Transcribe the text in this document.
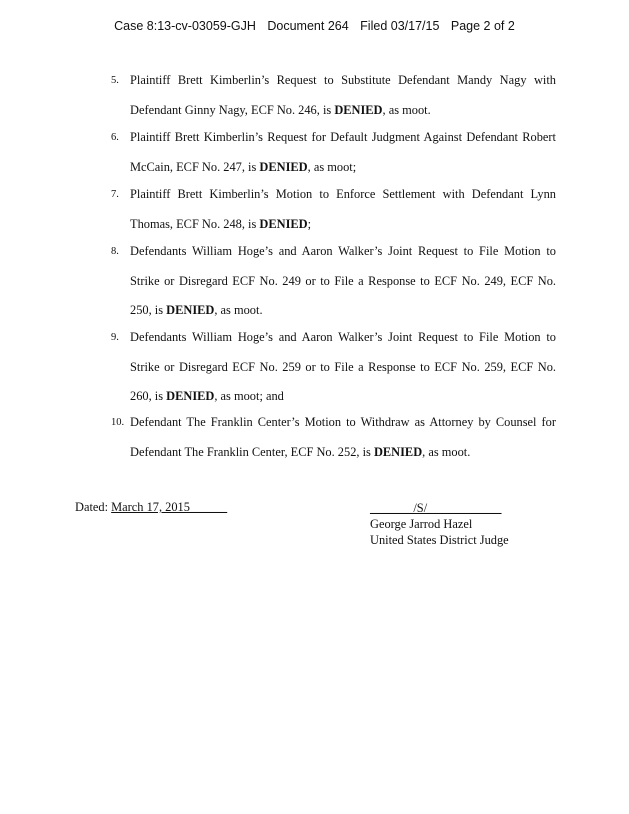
Case 8:13-cv-03059-GJH Document 264 Filed 03/17/15 Page 2 of 2
5. Plaintiff Brett Kimberlin’s Request to Substitute Defendant Mandy Nagy with
Defendant Ginny Nagy, ECF No. 246, is DENIED, as moot.
6. Plaintiff Brett Kimberlin’s Request for Default Judgment Against Defendant Robert
McCain, ECF No. 247, is DENIED, as moot;
7. Plaintiff Brett Kimberlin’s Motion to Enforce Settlement with Defendant Lynn
Thomas, ECF No. 248, is DENIED;
8. Defendants William Hoge’s and Aaron Walker’s Joint Request to File Motion to
Strike or Disregard ECF No. 249 or to File a Response to ECF No. 249, ECF No.
250, is DENIED, as moot.
9. Defendants William Hoge’s and Aaron Walker’s Joint Request to File Motion to
Strike or Disregard ECF No. 259 or to File a Response to ECF No. 259, ECF No.
260, is DENIED, as moot; and
10. Defendant The Franklin Center’s Motion to Withdraw as Attorney by Counsel for
Defendant The Franklin Center, ECF No. 252, is DENIED, as moot.
Dated: March 17, 2015______	_______/S/____________
George Jarrod Hazel
United States District Judge
